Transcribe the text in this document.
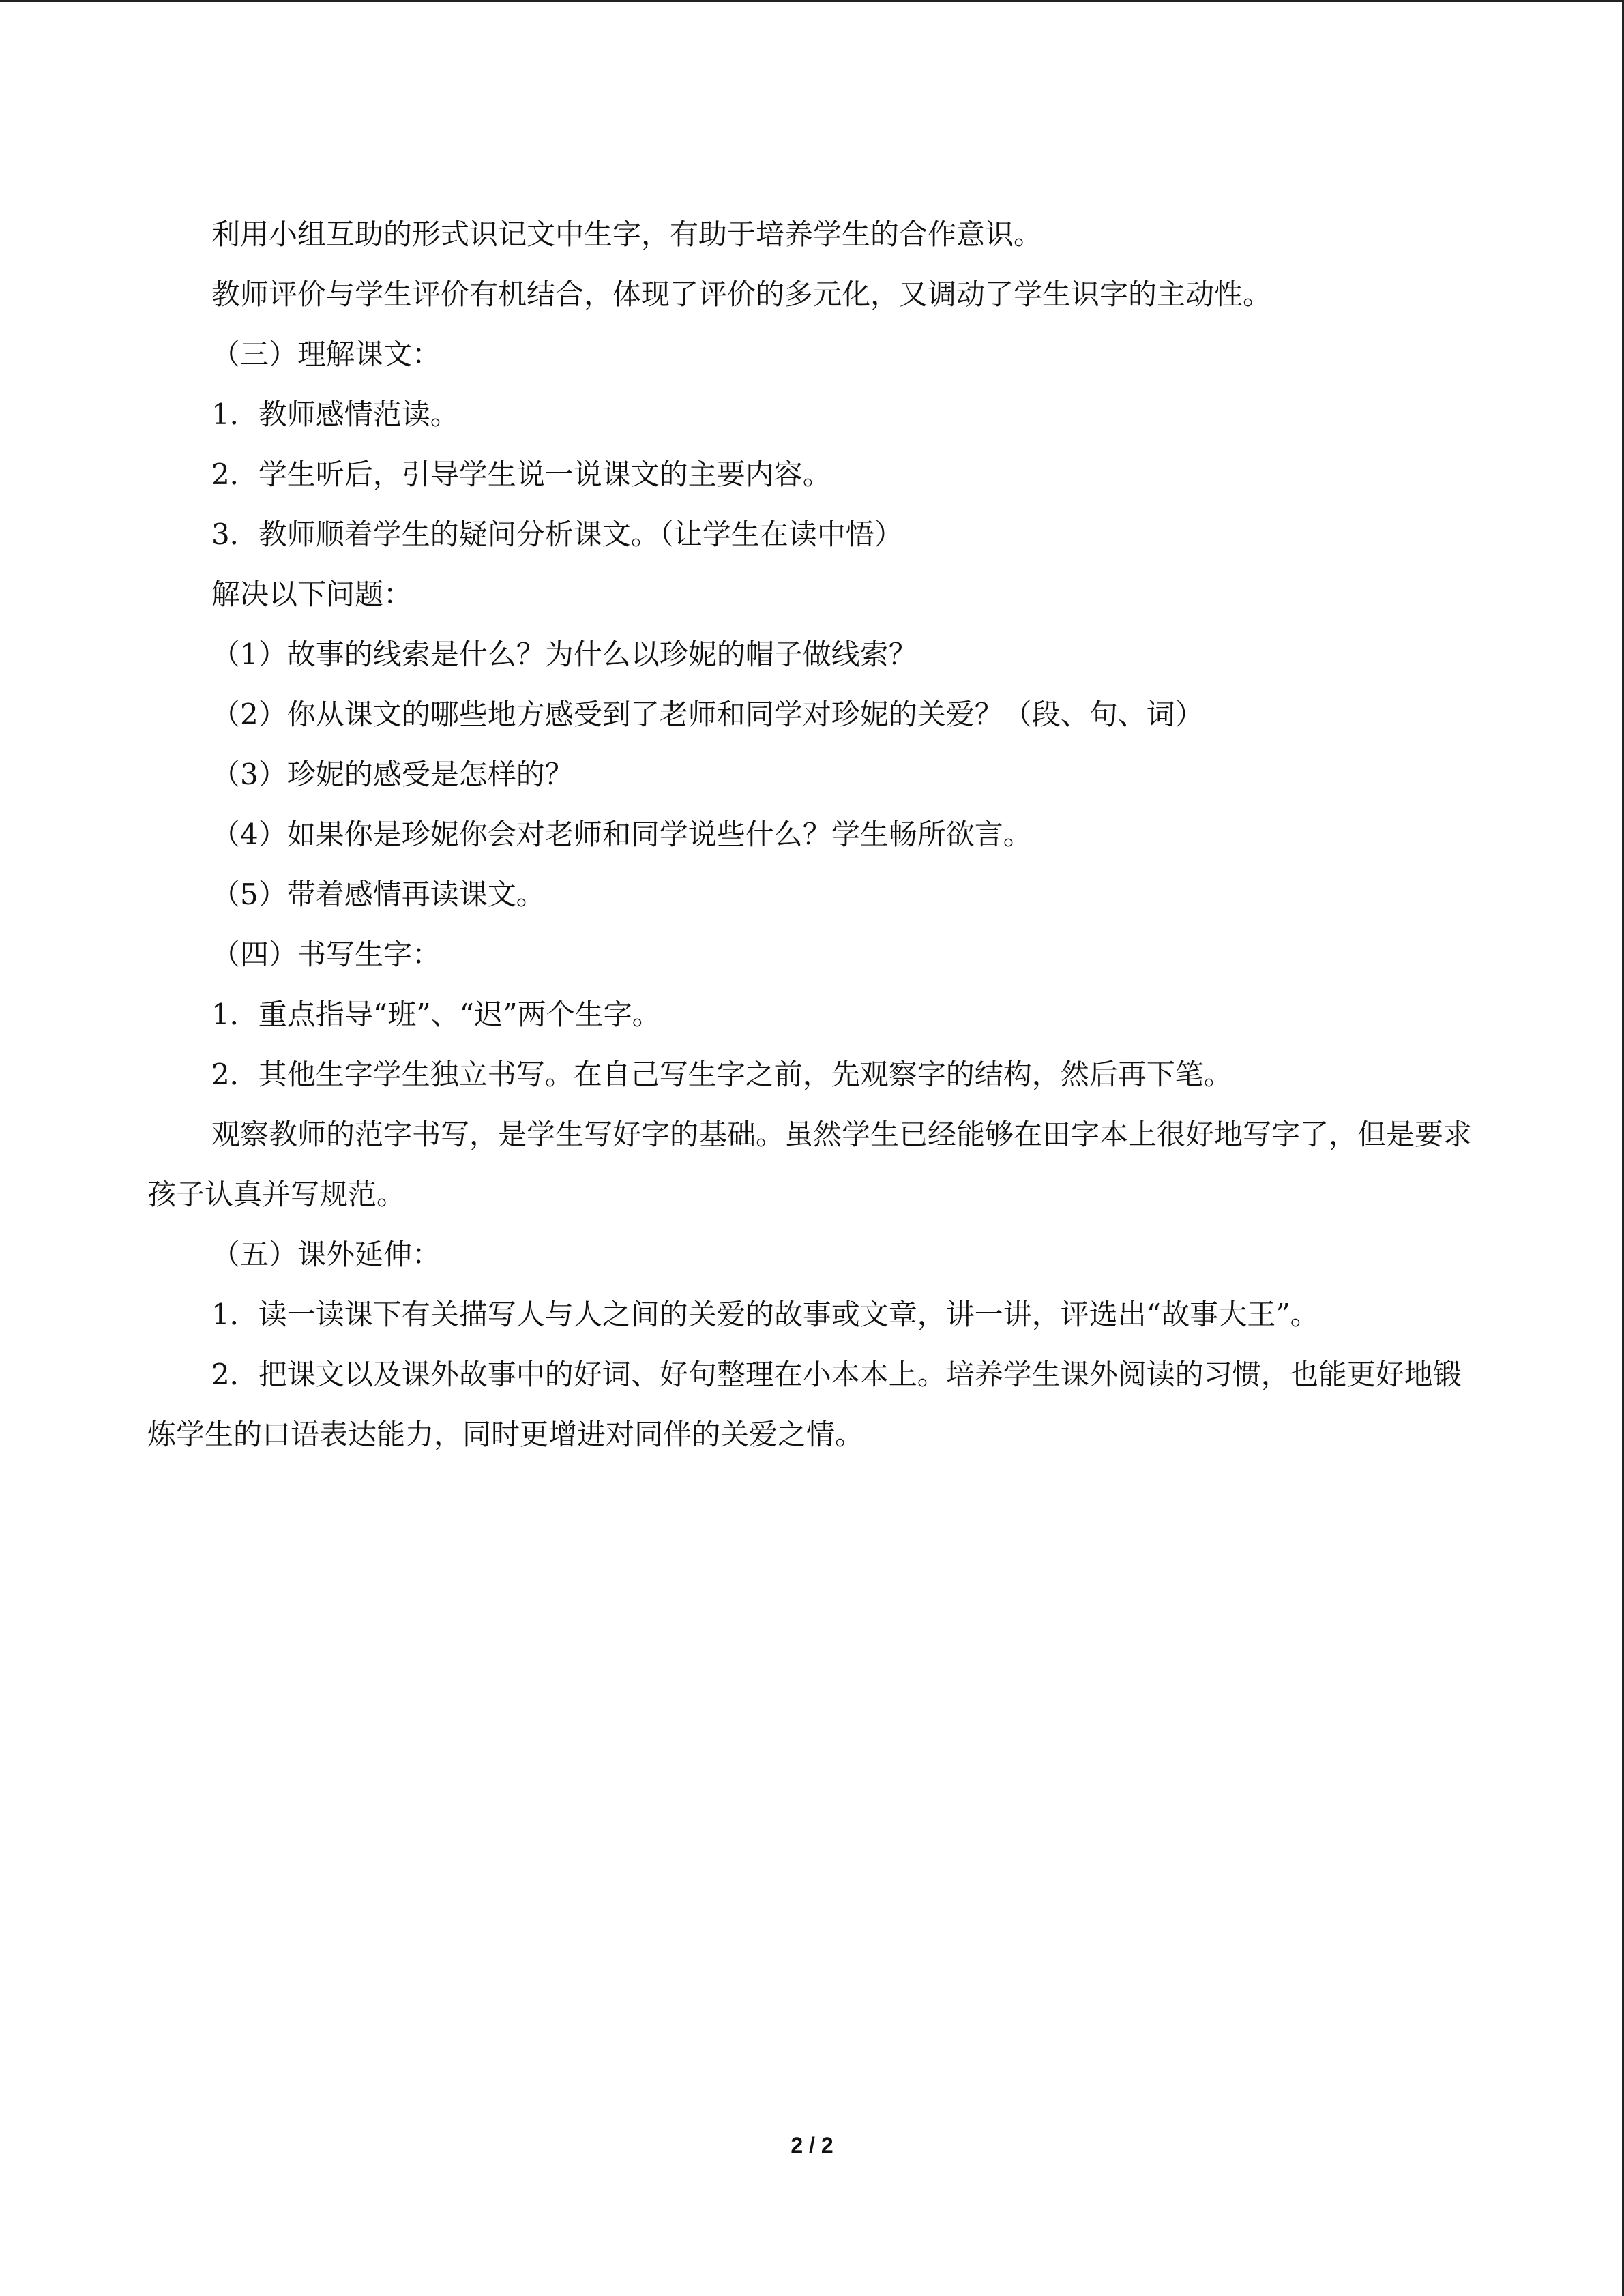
利用小组互助的形式识记文中生字，有助于培养学生的合作意识。
教师评价与学生评价有机结合，体现了评价的多元化，又调动了学生识字的主动性。
（三）理解课文：
1．教师感情范读。
2．学生听后，引导学生说一说课文的主要内容。
3．教师顺着学生的疑问分析课文。（让学生在读中悟）
解决以下问题：
（1）故事的线索是什么？为什么以珍妮的帽子做线索？
（2）你从课文的哪些地方感受到了老师和同学对珍妮的关爱？（段、句、词）
（3）珍妮的感受是怎样的？
（4）如果你是珍妮你会对老师和同学说些什么？学生畅所欲言。
（5）带着感情再读课文。
（四）书写生字：
1．重点指导“班”、“迟”两个生字。
2．其他生字学生独立书写。在自己写生字之前，先观察字的结构，然后再下笔。
观察教师的范字书写，是学生写好字的基础。虽然学生已经能够在田字本上很好地写字了，但是要求孩子认真并写规范。
（五）课外延伸：
1．读一读课下有关描写人与人之间的关爱的故事或文章，讲一讲，评选出“故事大王”。
2．把课文以及课外故事中的好词、好句整理在小本本上。培养学生课外阅读的习惯，也能更好地锻炼学生的口语表达能力，同时更增进对同伴的关爱之情。
2 / 2
